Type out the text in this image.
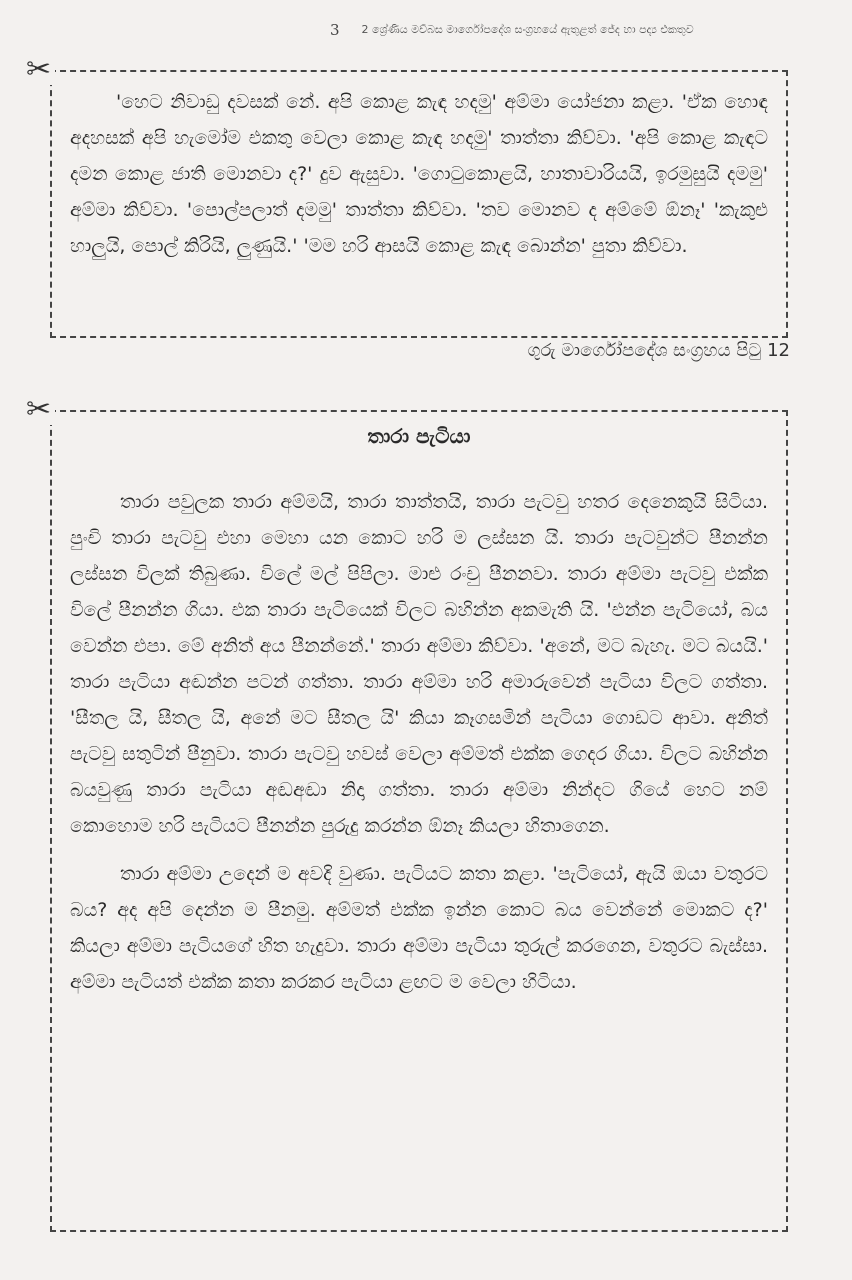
3 2 ශ්‍රේණිය මව්බස මාර්ගෝපදේශ සංග්‍රහයේ ඇතුළත් ජේද හා පද්‍ය එකතුව

'හෙට නිවාඩු දවසක් නේ. අපි කොළ කැඳ හදමු' අම්මා යෝජනා කළා. 'ඒක හොඳ අදහසක් අපි හැමෝම එකතු වෙලා කොළ කැඳ හදමු' තාත්තා කිව්වා. 'අපි කොළ කැඳට දමන කොළ ජාති මොනවා ද?' දුව ඇසුවා. 'ගොටුකොළයි, හාතාවාරියයි, ඉරමුසුයි දමමු' අම්මා කිව්වා. 'පොල්පලාත් දමමු' තාත්තා කිව්වා. 'තව මොනව ද අම්මේ ඕනෑ' 'කැකුළු හාලුයි, පොල් කිරියි, ලුණුයි.' 'මම හරි ආසයි කොළ කැඳ බොන්න' පුතා කිව්වා.

✂
ගුරු මාර්ගෝපදේශ සංග්‍රහය පිටු 12
තාරා පැටියා

තාරා පවුලක තාරා අම්මයි, තාරා තාත්තයි, තාරා පැටවු හතර දෙනෙකුයි සිටියා. පුංචි තාරා පැටවු එහා මෙහා යන කොට හරි ම ලස්සන යි. තාරා පැටවුන්ට පීනන්න ලස්සන විලක් තිබුණා. විලේ මල් පිපිලා. මාළු රංචු පීනනවා. තාරා අම්මා පැටවු එක්ක විලේ පීනන්න ගියා. එක තාරා පැටියෙක් විලට බහින්න අකමැති යි. 'එන්න පැටියෝ, බය වෙන්න එපා. මේ අනිත් අය පීනන්නේ.' තාරා අම්මා කිව්වා. 'අනේ, මට බැහැ. මට බයයි.' තාරා පැටියා අඬන්න පටන් ගත්තා. තාරා අම්මා හරි අමාරුවෙන් පැටියා විලට ගත්තා. 'සීතල යි, සීතල යි, අනේ මට සීතල යි' කියා කෑගසමින් පැටියා ගොඩට ආවා. අනිත් පැටවු සතුටින් පීනුවා. තාරා පැටවු හවස් වෙලා අම්මත් එක්ක ගෙදර ගියා. විලට බහින්න බයවුණු තාරා පැටියා අඬඅඬා නිදා ගත්තා. තාරා අම්මා නින්දට ගියේ හෙට නම් කොහොම හරි පැටියට පීනන්න පුරුදු කරන්න ඕනෑ කියලා හිතාගෙන.

තාරා අම්මා උදෙන් ම අවදි වුණා. පැටියට කතා කළා. 'පැටියෝ, ඇයි ඔයා වතුරට බය? අද අපි දෙන්න ම පීනමු. අම්මත් එක්ක ඉන්න කොට බය වෙන්නේ මොකට ද?' කියලා අම්මා පැටියගේ හිත හැදුවා. තාරා අම්මා පැටියා තුරුල් කරගෙන, වතුරට බැස්සා. අම්මා පැටියත් එක්ක කතා කරකර පැටියා ළඟට ම වෙලා හිටියා.

✂
